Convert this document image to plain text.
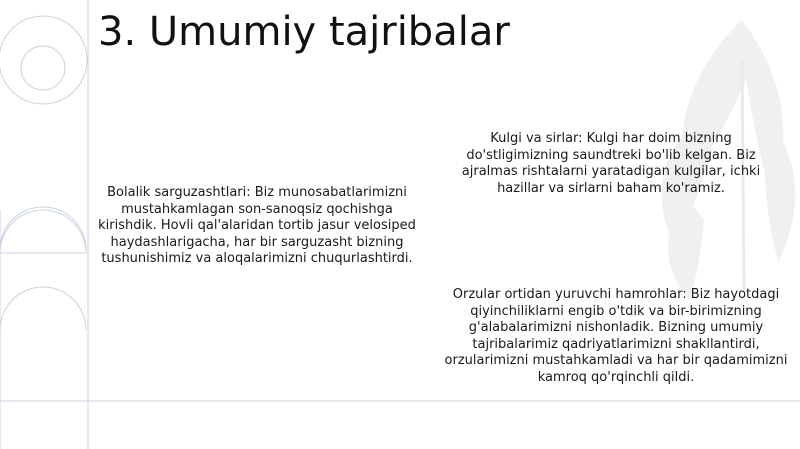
3. Umumiy tajribalar

Bolalik sarguzashtlari: Biz munosabatlarimizni mustahkamlagan son-sanoqsiz qochishga kirishdik. Hovli qal'alaridan tortib jasur velosiped haydashlarigacha, har bir sarguzasht bizning tushunishimiz va aloqalarimizni chuqurlashtirdi.

Kulgi va sirlar: Kulgi har doim bizning do'stligimizning saundtreki bo'lib kelgan. Biz ajralmas rishtalarni yaratadigan kulgilar, ichki hazillar va sirlarni baham ko'ramiz.

Orzular ortidan yuruvchi hamrohlar: Biz hayotdagi qiyinchiliklarni engib o'tdik va bir-birimizning g'alabalarimizni nishonladik. Bizning umumiy tajribalarimiz qadriyatlarimizni shakllantirdi, orzularimizni mustahkamladi va har bir qadamimizni kamroq qo'rqinchli qildi.
